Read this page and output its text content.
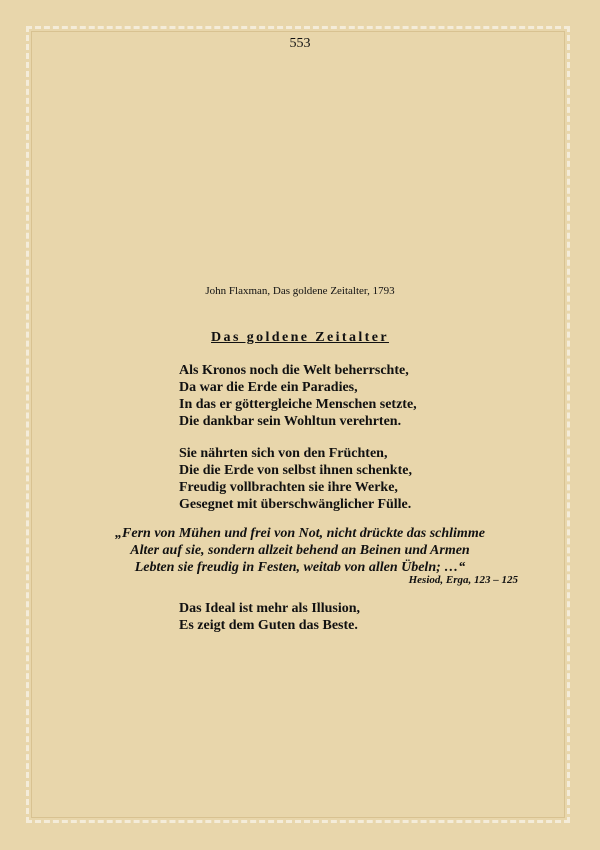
553
John Flaxman, Das goldene Zeitalter, 1793
Das goldene Zeitalter
Als Kronos noch die Welt beherrschte,
Da war die Erde ein Paradies,
In das er göttergleiche Menschen setzte,
Die dankbar sein Wohltun verehrten.
Sie nährten sich von den Früchten,
Die die Erde von selbst ihnen schenkte,
Freudig vollbrachten sie ihre Werke,
Gesegnet mit überschwänglicher Fülle.
„Fern von Mühen und frei von Not, nicht drückte das schlimme
Alter auf sie, sondern allzeit behend an Beinen und Armen
Lebten sie freudig in Festen, weitab von allen Übeln; …“
Hesiod, Erga, 123 – 125
Das Ideal ist mehr als Illusion,
Es zeigt dem Guten das Beste.
